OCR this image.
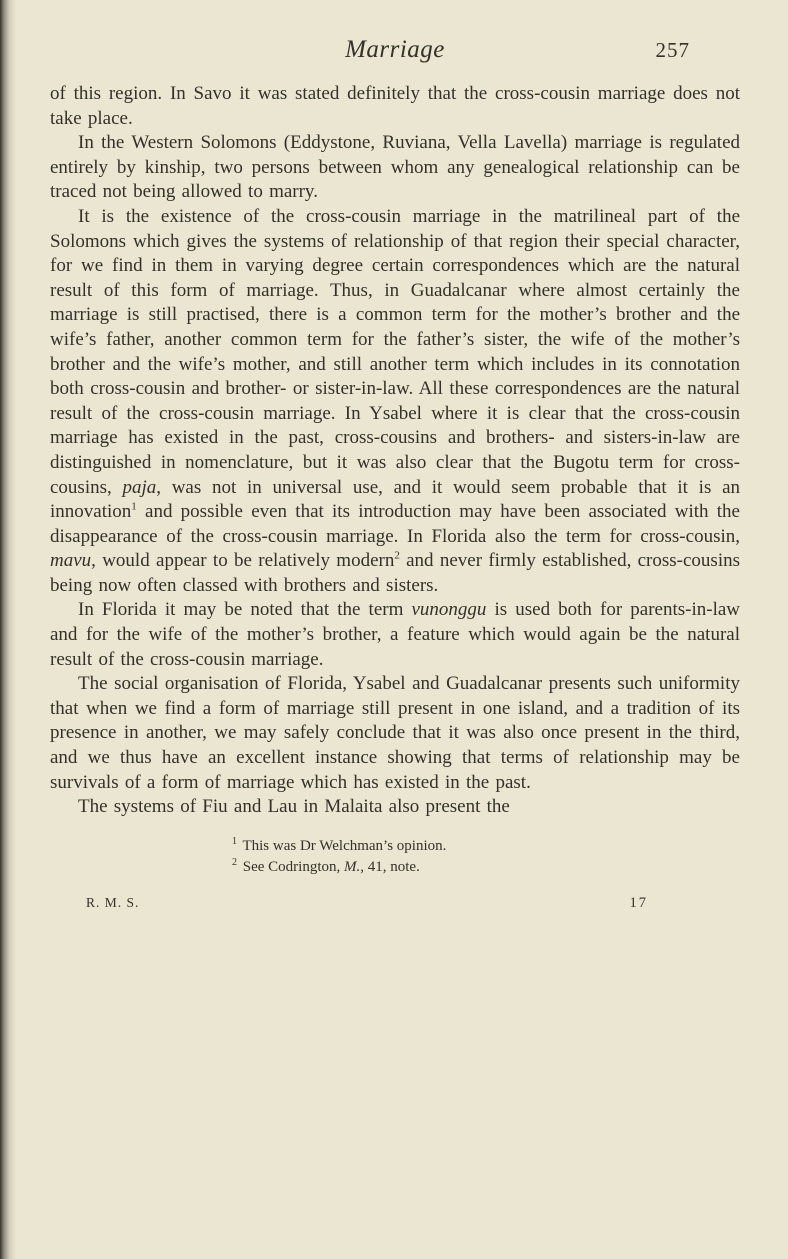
Marriage	257

of this region. In Savo it was stated definitely that the cross-cousin marriage does not take place.

In the Western Solomons (Eddystone, Ruviana, Vella Lavella) marriage is regulated entirely by kinship, two persons between whom any genealogical relationship can be traced not being allowed to marry.

It is the existence of the cross-cousin marriage in the matrilineal part of the Solomons which gives the systems of relationship of that region their special character, for we find in them in varying degree certain correspondences which are the natural result of this form of marriage. Thus, in Guadalcanar where almost certainly the marriage is still practised, there is a common term for the mother’s brother and the wife’s father, another common term for the father’s sister, the wife of the mother’s brother and the wife’s mother, and still another term which includes in its connotation both cross-cousin and brother- or sister-in-law. All these correspondences are the natural result of the cross-cousin marriage. In Ysabel where it is clear that the cross-cousin marriage has existed in the past, cross-cousins and brothers- and sisters-in-law are distinguished in nomenclature, but it was also clear that the Bugotu term for cross-cousins, paja, was not in universal use, and it would seem probable that it is an innovation$^1$ and possible even that its introduction may have been associated with the disappearance of the cross-cousin marriage. In Florida also the term for cross-cousin, mavu, would appear to be relatively modern$^2$ and never firmly established, cross-cousins being now often classed with brothers and sisters.

In Florida it may be noted that the term vunonggu is used both for parents-in-law and for the wife of the mother’s brother, a feature which would again be the natural result of the cross-cousin marriage.

The social organisation of Florida, Ysabel and Guadalcanar presents such uniformity that when we find a form of marriage still present in one island, and a tradition of its presence in another, we may safely conclude that it was also once present in the third, and we thus have an excellent instance showing that terms of relationship may be survivals of a form of marriage which has existed in the past.

The systems of Fiu and Lau in Malaita also present the

$^1$ This was Dr Welchman’s opinion.
$^2$ See Codrington, M., 41, note.
R. M. S.	17
